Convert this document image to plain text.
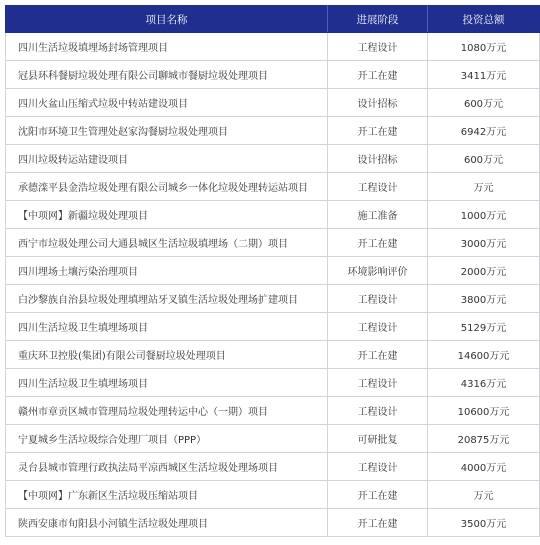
项目名称	进展阶段	投资总额
四川生活垃圾填埋场封场管理项目	工程设计	1080万元
冠县环科餐厨垃圾处理有限公司聊城市餐厨垃圾处理项目	开工在建	3411万元
四川火盆山压缩式垃圾中转站建设项目	设计招标	600万元
沈阳市环境卫生管理处赵家沟餐厨垃圾处理项目	开工在建	6942万元
四川垃圾转运站建设项目	设计招标	600万元
承德滦平县金浩垃圾处理有限公司城乡一体化垃圾处理转运站项目	工程设计	万元
【中项网】新疆垃圾处理项目	施工准备	1000万元
西宁市垃圾处理公司大通县城区生活垃圾填埋场（二期）项目	开工在建	3000万元
四川埋场土壤污染治理项目	环境影响评价	2000万元
白沙黎族自治县垃圾处理填埋站牙叉镇生活垃圾处理场扩建项目	工程设计	3800万元
四川生活垃圾卫生填埋场项目	工程设计	5129万元
重庆环卫控股(集团)有限公司餐厨垃圾处理项目	开工在建	14600万元
四川生活垃圾卫生填埋场项目	工程设计	4316万元
赣州市章贡区城市管理局垃圾处理转运中心（一期）项目	工程设计	10600万元
宁夏城乡生活垃圾综合处理厂项目（PPP）	可研批复	20875万元
灵台县城市管理行政执法局平凉西城区生活垃圾处理场项目	工程设计	4000万元
【中项网】广东新区生活垃圾压缩站项目	开工在建	万元
陕西安康市旬阳县小河镇生活垃圾处理项目	开工在建	3500万元
